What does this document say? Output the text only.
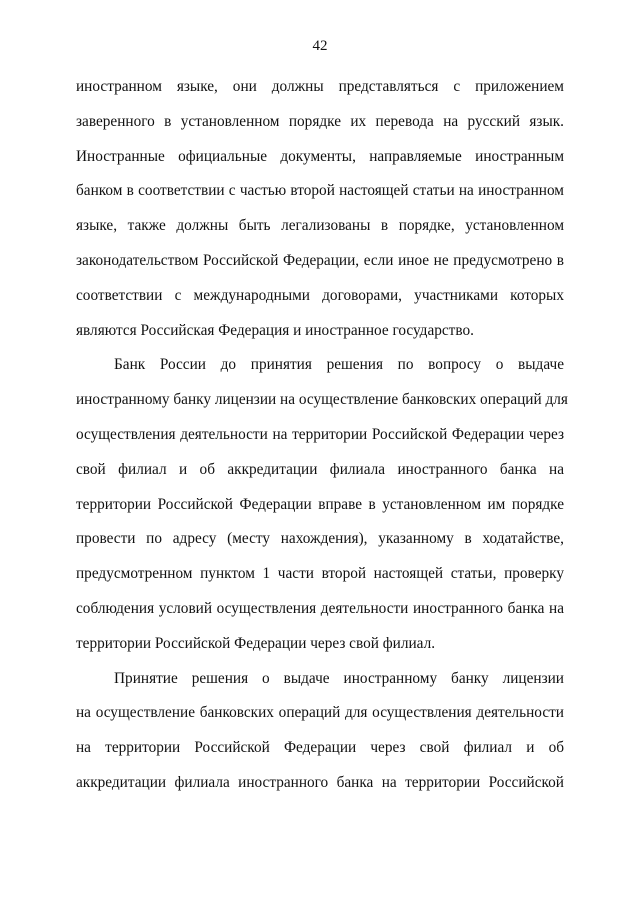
42
иностранном языке, они должны представляться с приложением
заверенного в установленном порядке их перевода на русский язык.
Иностранные официальные документы, направляемые иностранным
банком в соответствии с частью второй настоящей статьи на иностранном
языке, также должны быть легализованы в порядке, установленном
законодательством Российской Федерации, если иное не предусмотрено в
соответствии с международными договорами, участниками которых
являются Российская Федерация и иностранное государство.
Банк России до принятия решения по вопросу о выдаче
иностранному банку лицензии на осуществление банковских операций для
осуществления деятельности на территории Российской Федерации через
свой филиал и об аккредитации филиала иностранного банка на
территории Российской Федерации вправе в установленном им порядке
провести по адресу (месту нахождения), указанному в ходатайстве,
предусмотренном пунктом 1 части второй настоящей статьи, проверку
соблюдения условий осуществления деятельности иностранного банка на
территории Российской Федерации через свой филиал.
Принятие решения о выдаче иностранному банку лицензии
на осуществление банковских операций для осуществления деятельности
на территории Российской Федерации через свой филиал и об
аккредитации филиала иностранного банка на территории Российской
